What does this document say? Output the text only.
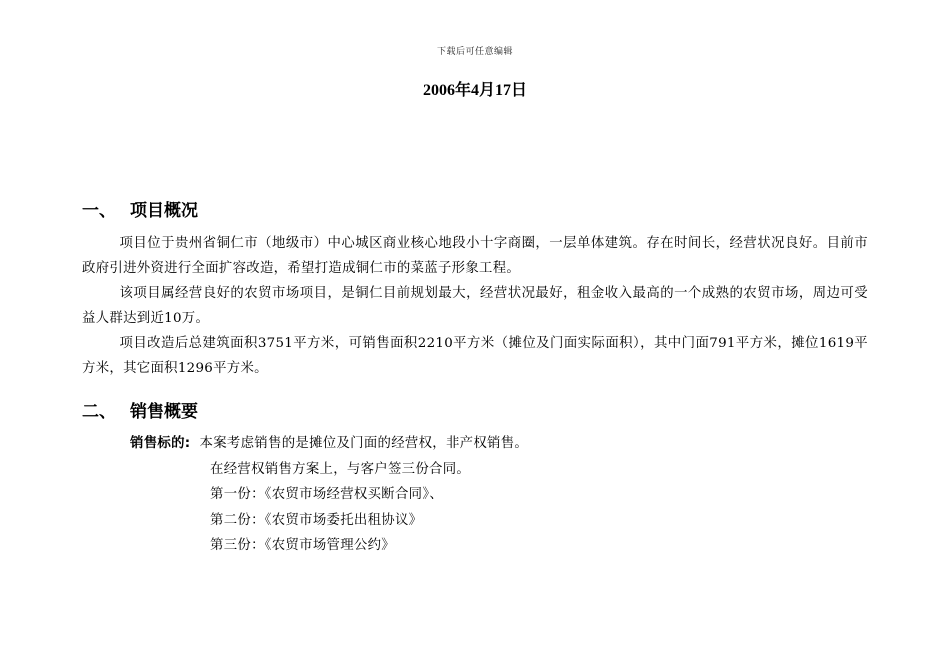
下载后可任意编辑
2006年4月17日
一、 项目概况

项目位于贵州省铜仁市（地级市）中心城区商业核心地段小十字商圈，一层单体建筑。存在时间长，经营状况良好。目前市政府引进外资进行全面扩容改造，希望打造成铜仁市的菜蓝子形象工程。

该项目属经营良好的农贸市场项目，是铜仁目前规划最大，经营状况最好，租金收入最高的一个成熟的农贸市场，周边可受益人群达到近10万。

项目改造后总建筑面积3751平方米，可销售面积2210平方米（摊位及门面实际面积），其中门面791平方米，摊位1619平方米，其它面积1296平方米。

二、 销售概要
销售标的: 本案考虑销售的是摊位及门面的经营权，非产权销售。
在经营权销售方案上，与客户签三份合同。
第一份：《农贸市场经营权买断合同》、
第二份：《农贸市场委托出租协议》
第三份：《农贸市场管理公约》
